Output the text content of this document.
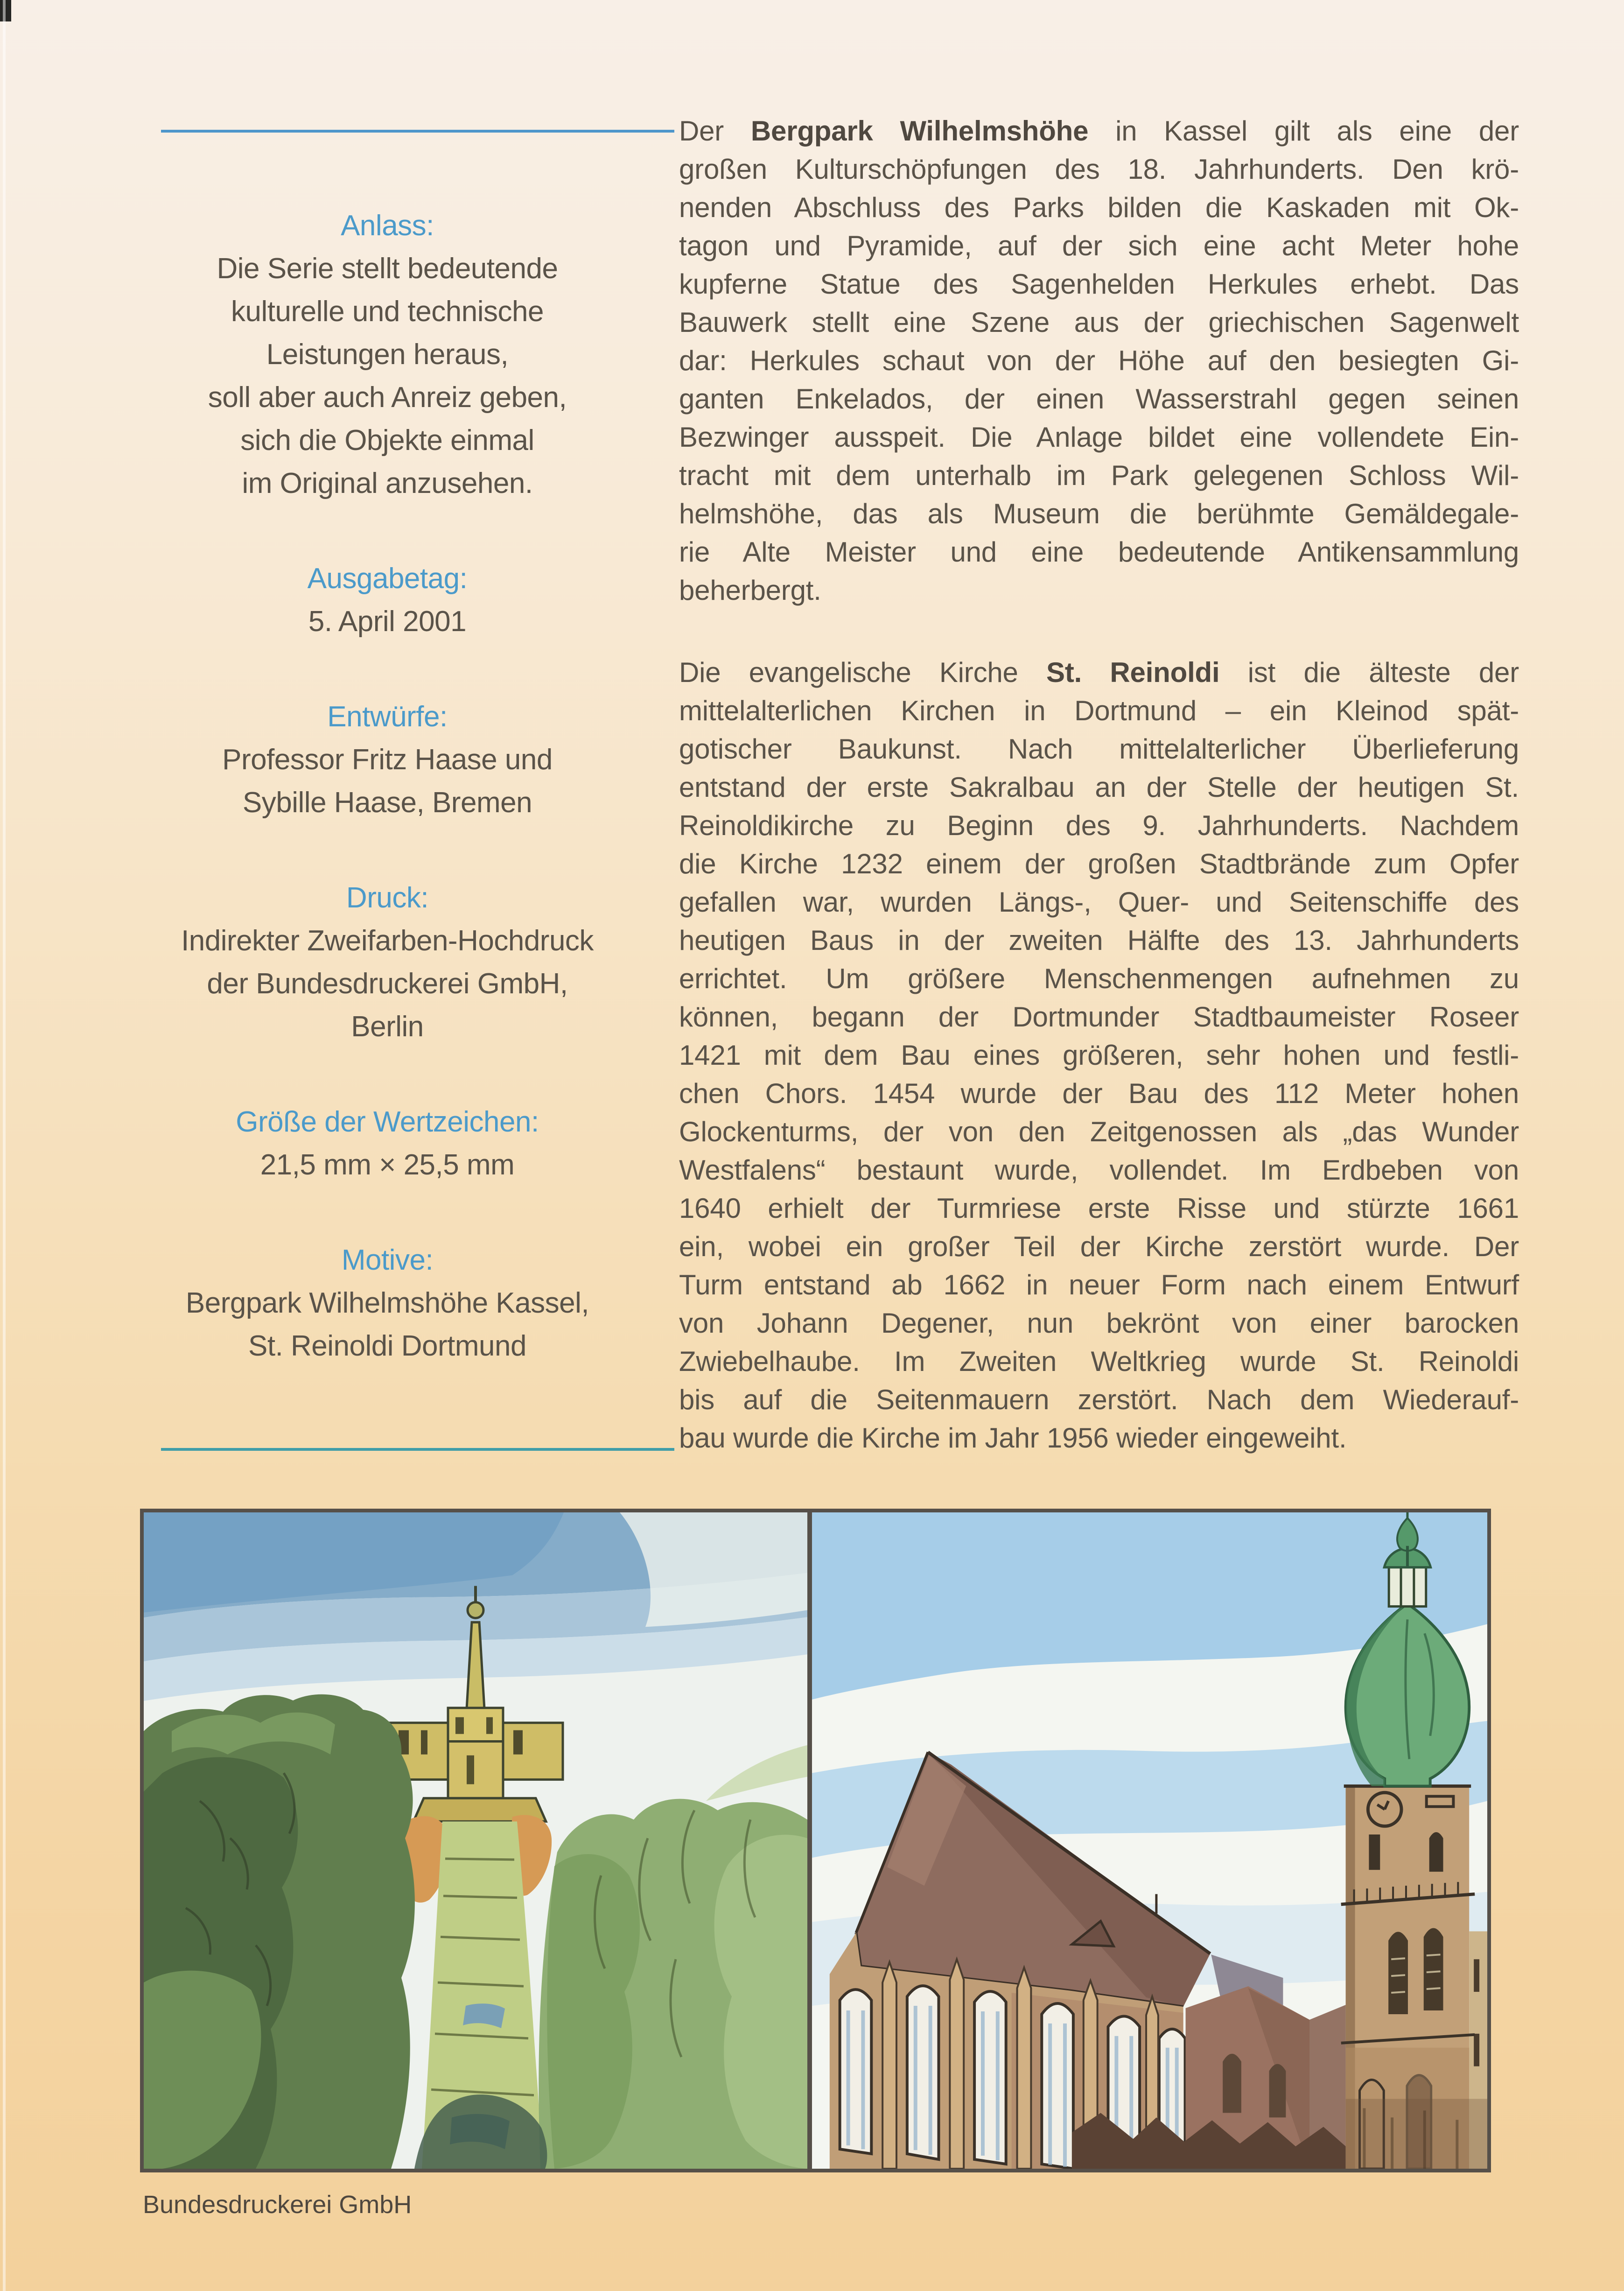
Anlass:
Die Serie stellt bedeutende
kulturelle und technische
Leistungen heraus,
soll aber auch Anreiz geben,
sich die Objekte einmal
im Original anzusehen.
Ausgabetag:
5. April 2001
Entwürfe:
Professor Fritz Haase und
Sybille Haase, Bremen
Druck:
Indirekter Zweifarben-Hochdruck
der Bundesdruckerei GmbH,
Berlin
Größe der Wertzeichen:
21,5 mm × 25,5 mm
Motive:
Bergpark Wilhelmshöhe Kassel,
St. Reinoldi Dortmund
Der Bergpark Wilhelmshöhe in Kassel gilt als eine der
großen Kulturschöpfungen des 18. Jahrhunderts. Den krö-
nenden Abschluss des Parks bilden die Kaskaden mit Ok-
tagon und Pyramide, auf der sich eine acht Meter hohe
kupferne Statue des Sagenhelden Herkules erhebt. Das
Bauwerk stellt eine Szene aus der griechischen Sagenwelt
dar: Herkules schaut von der Höhe auf den besiegten Gi-
ganten Enkelados, der einen Wasserstrahl gegen seinen
Bezwinger ausspeit. Die Anlage bildet eine vollendete Ein-
tracht mit dem unterhalb im Park gelegenen Schloss Wil-
helmshöhe, das als Museum die berühmte Gemäldegale-
rie Alte Meister und eine bedeutende Antikensammlung
beherbergt.
Die evangelische Kirche St. Reinoldi ist die älteste der
mittelalterlichen Kirchen in Dortmund – ein Kleinod spät-
gotischer Baukunst. Nach mittelalterlicher Überlieferung
entstand der erste Sakralbau an der Stelle der heutigen St.
Reinoldikirche zu Beginn des 9. Jahrhunderts. Nachdem
die Kirche 1232 einem der großen Stadtbrände zum Opfer
gefallen war, wurden Längs-, Quer- und Seitenschiffe des
heutigen Baus in der zweiten Hälfte des 13. Jahrhunderts
errichtet. Um größere Menschenmengen aufnehmen zu
können, begann der Dortmunder Stadtbaumeister Roseer
1421 mit dem Bau eines größeren, sehr hohen und festli-
chen Chors. 1454 wurde der Bau des 112 Meter hohen
Glockenturms, der von den Zeitgenossen als „das Wunder
Westfalens“ bestaunt wurde, vollendet. Im Erdbeben von
1640 erhielt der Turmriese erste Risse und stürzte 1661
ein, wobei ein großer Teil der Kirche zerstört wurde. Der
Turm entstand ab 1662 in neuer Form nach einem Entwurf
von Johann Degener, nun bekrönt von einer barocken
Zwiebelhaube. Im Zweiten Weltkrieg wurde St. Reinoldi
bis auf die Seitenmauern zerstört. Nach dem Wiederauf-
bau wurde die Kirche im Jahr 1956 wieder eingeweiht.
Bundesdruckerei GmbH
